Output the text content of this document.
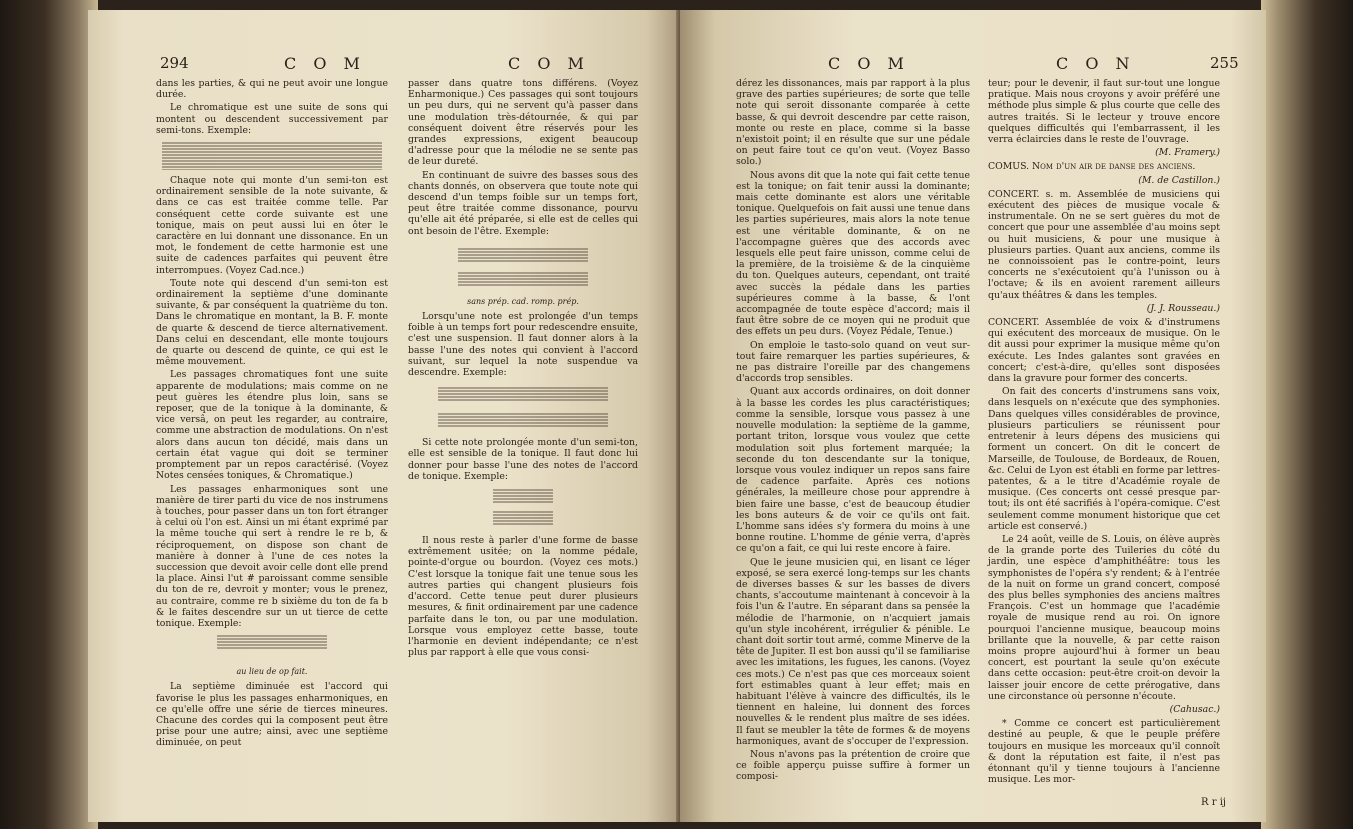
294	C O M	C O M

dans les parties, & qui ne peut avoir une longue durée.

Le chromatique est une suite de sons qui montent ou descendent successivement par semi-tons. Exemple:

Chaque note qui monte d'un semi-ton est ordinairement sensible de la note suivante, & dans ce cas est traitée comme telle. Par conséquent cette corde suivante est une tonique, mais on peut aussi lui en ôter le caractère en lui donnant une dissonance. En un mot, le fondement de cette harmonie est une suite de cadences parfaites qui peuvent être interrompues. (Voyez Cad.nce.)

Toute note qui descend d'un semi-ton est ordinairement la septième d'une dominante suivante, & par conséquent la quatrième du ton. Dans le chromatique en montant, la B. F. monte de quarte & descend de tierce alternativement. Dans celui en descendant, elle monte toujours de quarte ou descend de quinte, ce qui est le même mouvement.

Les passages chromatiques font une suite apparente de modulations; mais comme on ne peut guères les étendre plus loin, sans se reposer, que de la tonique à la dominante, & vice versâ, on peut les regarder, au contraire, comme une abstraction de modulations. On n'est alors dans aucun ton décidé, mais dans un certain état vague qui doit se terminer promptement par un repos caractérisé. (Voyez Notes censées toniques, & Chromatique.)

Les passages enharmoniques sont une manière de tirer parti du vice de nos instrumens à touches, pour passer dans un ton fort étranger à celui où l'on est. Ainsi un mi étant exprimé par la même touche qui sert à rendre le re b, & réciproquement, on dispose son chant de manière à donner à l'une de ces notes la succession que devoit avoir celle dont elle prend la place. Ainsi l'ut # paroissant comme sensible du ton de re, devroit y monter; vous le prenez, au contraire, comme re b sixième du ton de fa b & le faites descendre sur un ut tierce de cette tonique. Exemple:

au lieu de op fait.

La septième diminuée est l'accord qui favorise le plus les passages enharmoniques, en ce qu'elle offre une série de tierces mineures. Chacune des cordes qui la composent peut être prise pour une autre; ainsi, avec une septième diminuée, on peut

passer dans quatre tons différens. (Voyez Enharmonique.) Ces passages qui sont toujours un peu durs, qui ne servent qu'à passer dans une modulation très-détournée, & qui par conséquent doivent être réservés pour les grandes expressions, exigent beaucoup d'adresse pour que la mélodie ne se sente pas de leur dureté.

En continuant de suivre des basses sous des chants donnés, on observera que toute note qui descend d'un temps foible sur un temps fort, peut être traitée comme dissonance, pourvu qu'elle ait été préparée, si elle est de celles qui ont besoin de l'être. Exemple:

sans prép. cad. romp. prép.

Lorsqu'une note est prolongée d'un temps foible à un temps fort pour redescendre ensuite, c'est une suspension. Il faut donner alors à la basse l'une des notes qui convient à l'accord suivant, sur lequel la note suspendue va descendre. Exemple:

Si cette note prolongée monte d'un semi-ton, elle est sensible de la tonique. Il faut donc lui donner pour basse l'une des notes de l'accord de tonique. Exemple:

Il nous reste à parler d'une forme de basse extrêmement usitée; on la nomme pédale, pointe-d'orgue ou bourdon. (Voyez ces mots.) C'est lorsque la tonique fait une tenue sous les autres parties qui changent plusieurs fois d'accord. Cette tenue peut durer plusieurs mesures, & finit ordinairement par une cadence parfaite dans le ton, ou par une modulation. Lorsque vous employez cette basse, toute l'harmonie en devient indépendante; ce n'est plus par rapport à elle que vous consi-

C O M	C O N	255

dérez les dissonances, mais par rapport à la plus grave des parties supérieures; de sorte que telle note qui seroit dissonante comparée à cette basse, & qui devroit descendre par cette raison, monte ou reste en place, comme si la basse n'existoit point; il en résulte que sur une pédale on peut faire tout ce qu'on veut. (Voyez Basso solo.)

Nous avons dit que la note qui fait cette tenue est la tonique; on fait tenir aussi la dominante; mais cette dominante est alors une véritable tonique. Quelquefois on fait aussi une tenue dans les parties supérieures, mais alors la note tenue est une véritable dominante, & on ne l'accompagne guères que des accords avec lesquels elle peut faire unisson, comme celui de la première, de la troisième & de la cinquième du ton. Quelques auteurs, cependant, ont traité avec succès la pédale dans les parties supérieures comme à la basse, & l'ont accompagnée de toute espèce d'accord; mais il faut être sobre de ce moyen qui ne produit que des effets un peu durs. (Voyez Pédale, Tenue.)

On emploie le tasto-solo quand on veut sur-tout faire remarquer les parties supérieures, & ne pas distraire l'oreille par des changemens d'accords trop sensibles.

Quant aux accords ordinaires, on doit donner à la basse les cordes les plus caractéristiques; comme la sensible, lorsque vous passez à une nouvelle modulation: la septième de la gamme, portant triton, lorsque vous voulez que cette modulation soit plus fortement marquée; la seconde du ton descendante sur la tonique, lorsque vous voulez indiquer un repos sans faire de cadence parfaite. Après ces notions générales, la meilleure chose pour apprendre à bien faire une basse, c'est de beaucoup étudier les bons auteurs & de voir ce qu'ils ont fait. L'homme sans idées s'y formera du moins à une bonne routine. L'homme de génie verra, d'après ce qu'on a fait, ce qui lui reste encore à faire.

Que le jeune musicien qui, en lisant ce léger exposé, se sera exercé long-temps sur les chants de diverses basses & sur les basses de divers chants, s'accoutume maintenant à concevoir à la fois l'un & l'autre. En séparant dans sa pensée la mélodie de l'harmonie, on n'acquiert jamais qu'un style incohérent, irrégulier & pénible. Le chant doit sortir tout armé, comme Minerve de la tête de Jupiter. Il est bon aussi qu'il se familiarise avec les imitations, les fugues, les canons. (Voyez ces mots.) Ce n'est pas que ces morceaux soient fort estimables quant à leur effet; mais en habituant l'élève à vaincre des difficultés, ils le tiennent en haleine, lui donnent des forces nouvelles & le rendent plus maître de ses idées. Il faut se meubler la tête de formes & de moyens harmoniques, avant de s'occuper de l'expression.

Nous n'avons pas la prétention de croire que ce foible apperçu puisse suffire à former un composi-

teur; pour le devenir, il faut sur-tout une longue pratique. Mais nous croyons y avoir préféré une méthode plus simple & plus courte que celle des autres traités. Si le lecteur y trouve encore quelques difficultés qui l'embarrassent, il les verra éclaircies dans le reste de l'ouvrage.

(M. Framery.)

COMUS. Nom d'un air de danse des anciens.

(M. de Castillon.)

CONCERT. s. m. Assemblée de musiciens qui exécutent des pièces de musique vocale & instrumentale. On ne se sert guères du mot de concert que pour une assemblée d'au moins sept ou huit musiciens, & pour une musique à plusieurs parties. Quant aux anciens, comme ils ne connoissoient pas le contre-point, leurs concerts ne s'exécutoient qu'à l'unisson ou à l'octave; & ils en avoient rarement ailleurs qu'aux théâtres & dans les temples.

(J. J. Rousseau.)

CONCERT. Assemblée de voix & d'instrumens qui exécutent des morceaux de musique. On le dit aussi pour exprimer la musique même qu'on exécute. Les Indes galantes sont gravées en concert; c'est-à-dire, qu'elles sont disposées dans la gravure pour former des concerts.

On fait des concerts d'instrumens sans voix, dans lesquels on n'exécute que des symphonies. Dans quelques villes considérables de province, plusieurs particuliers se réunissent pour entretenir à leurs dépens des musiciens qui forment un concert. On dit le concert de Marseille, de Toulouse, de Bordeaux, de Rouen, &c. Celui de Lyon est établi en forme par lettres-patentes, & a le titre d'Académie royale de musique. (Ces concerts ont cessé presque par-tout; ils ont été sacrifiés à l'opéra-comique. C'est seulement comme monument historique que cet article est conservé.)

Le 24 août, veille de S. Louis, on élève auprès de la grande porte des Tuileries du côté du jardin, une espèce d'amphithéâtre: tous les symphonistes de l'opéra s'y rendent; & à l'entrée de la nuit on forme un grand concert, composé des plus belles symphonies des anciens maîtres François. C'est un hommage que l'académie royale de musique rend au roi. On ignore pourquoi l'ancienne musique, beaucoup moins brillante que la nouvelle, & par cette raison moins propre aujourd'hui à former un beau concert, est pourtant la seule qu'on exécute dans cette occasion: peut-être croit-on devoir la laisser jouir encore de cette prérogative, dans une circonstance où personne n'écoute.

(Cahusac.)

* Comme ce concert est particulièrement destiné au peuple, & que le peuple préfère toujours en musique les morceaux qu'il connoît & dont la réputation est faite, il n'est pas étonnant qu'il y tienne toujours à l'ancienne musique. Les mor-

R r ij
